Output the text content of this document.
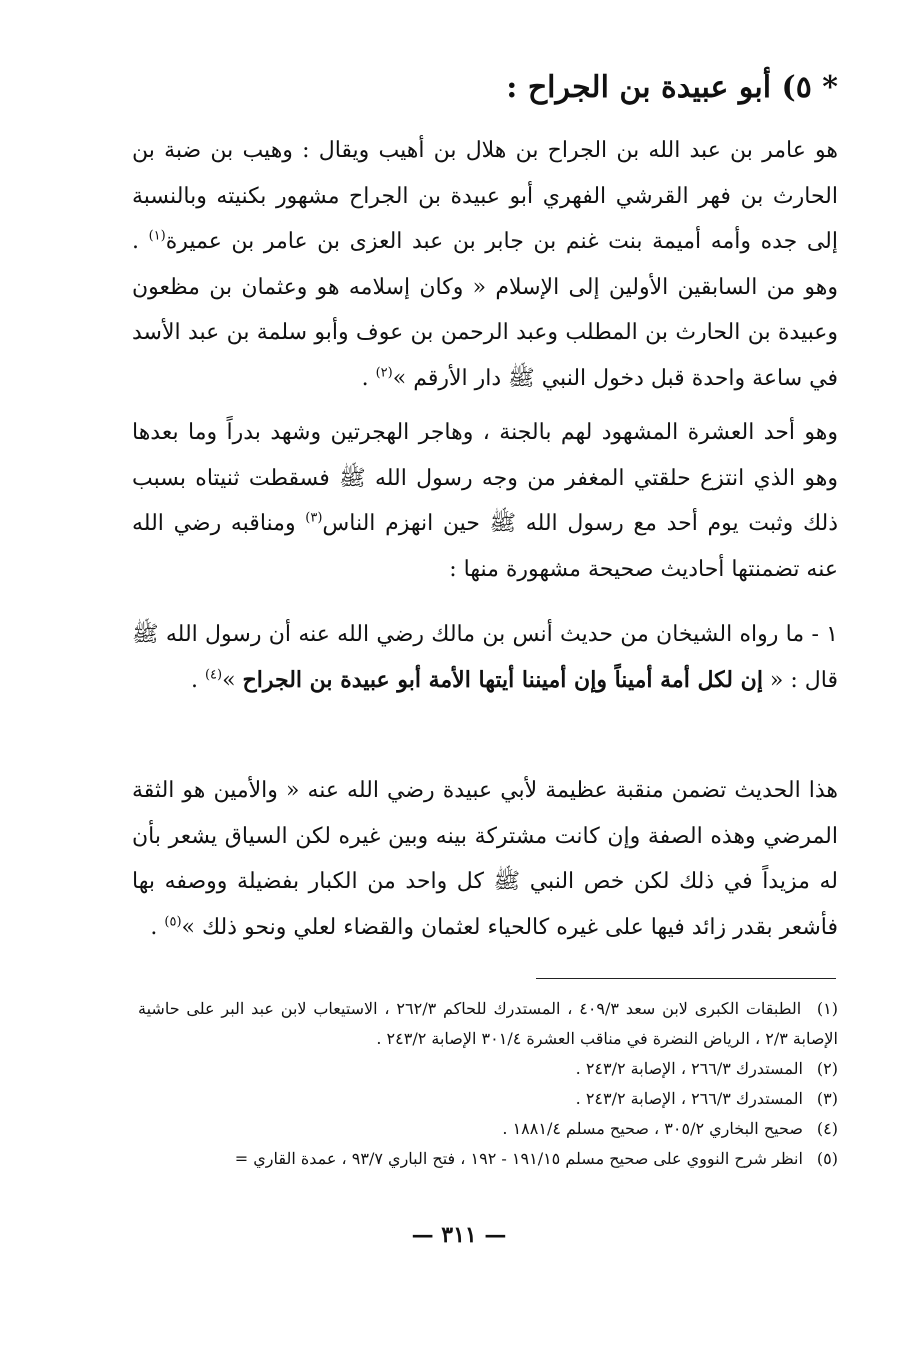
* ٥) أبو عبيدة بن الجراح :

هو عامر بن عبد الله بن الجراح بن هلال بن أهيب ويقال : وهيب بن ضبة بن الحارث بن فهر القرشي الفهري أبو عبيدة بن الجراح مشهور بكنيته وبالنسبة إلى جده وأمه أميمة بنت غنم بن جابر بن عبد العزى بن عامر بن عميرة$^{(١)}$ . وهو من السابقين الأولين إلى الإسلام « وكان إسلامه هو وعثمان بن مظعون وعبيدة بن الحارث بن المطلب وعبد الرحمن بن عوف وأبو سلمة بن عبد الأسد في ساعة واحدة قبل دخول النبي ﷺ دار الأرقم »$^{(٢)}$ .

وهو أحد العشرة المشهود لهم بالجنة ، وهاجر الهجرتين وشهد بدراً وما بعدها وهو الذي انتزع حلقتي المغفر من وجه رسول الله ﷺ فسقطت ثنيتاه بسبب ذلك وثبت يوم أحد مع رسول الله ﷺ حين انهزم الناس$^{(٣)}$ ومناقبه رضي الله عنه تضمنتها أحاديث صحيحة مشهورة منها :

١ - ما رواه الشيخان من حديث أنس بن مالك رضي الله عنه أن رسول الله ﷺ قال : « إن لكل أمة أميناً وإن أميننا أيتها الأمة أبو عبيدة بن الجراح »$^{(٤)}$ .

هذا الحديث تضمن منقبة عظيمة لأبي عبيدة رضي الله عنه « والأمين هو الثقة المرضي وهذه الصفة وإن كانت مشتركة بينه وبين غيره لكن السياق يشعر بأن له مزيداً في ذلك لكن خص النبي ﷺ كل واحد من الكبار بفضيلة ووصفه بها فأشعر بقدر زائد فيها على غيره كالحياء لعثمان والقضاء لعلي ونحو ذلك »$^{(٥)}$ .

(١) الطبقات الكبرى لابن سعد ٤٠٩/٣ ، المستدرك للحاكم ٢٦٢/٣ ، الاستيعاب لابن عبد البر على حاشية الإصابة ٢/٣ ، الرياض النضرة في مناقب العشرة ٣٠١/٤ الإصابة ٢٤٣/٢ .
(٢) المستدرك ٢٦٦/٣ ، الإصابة ٢٤٣/٢ .
(٣) المستدرك ٢٦٦/٣ ، الإصابة ٢٤٣/٢ .
(٤) صحيح البخاري ٣٠٥/٢ ، صحيح مسلم ١٨٨١/٤ .
(٥) انظر شرح النووي على صحيح مسلم ١٩١/١٥ - ١٩٢ ، فتح الباري ٩٣/٧ ، عمدة القاري =
— ٣١١ —
